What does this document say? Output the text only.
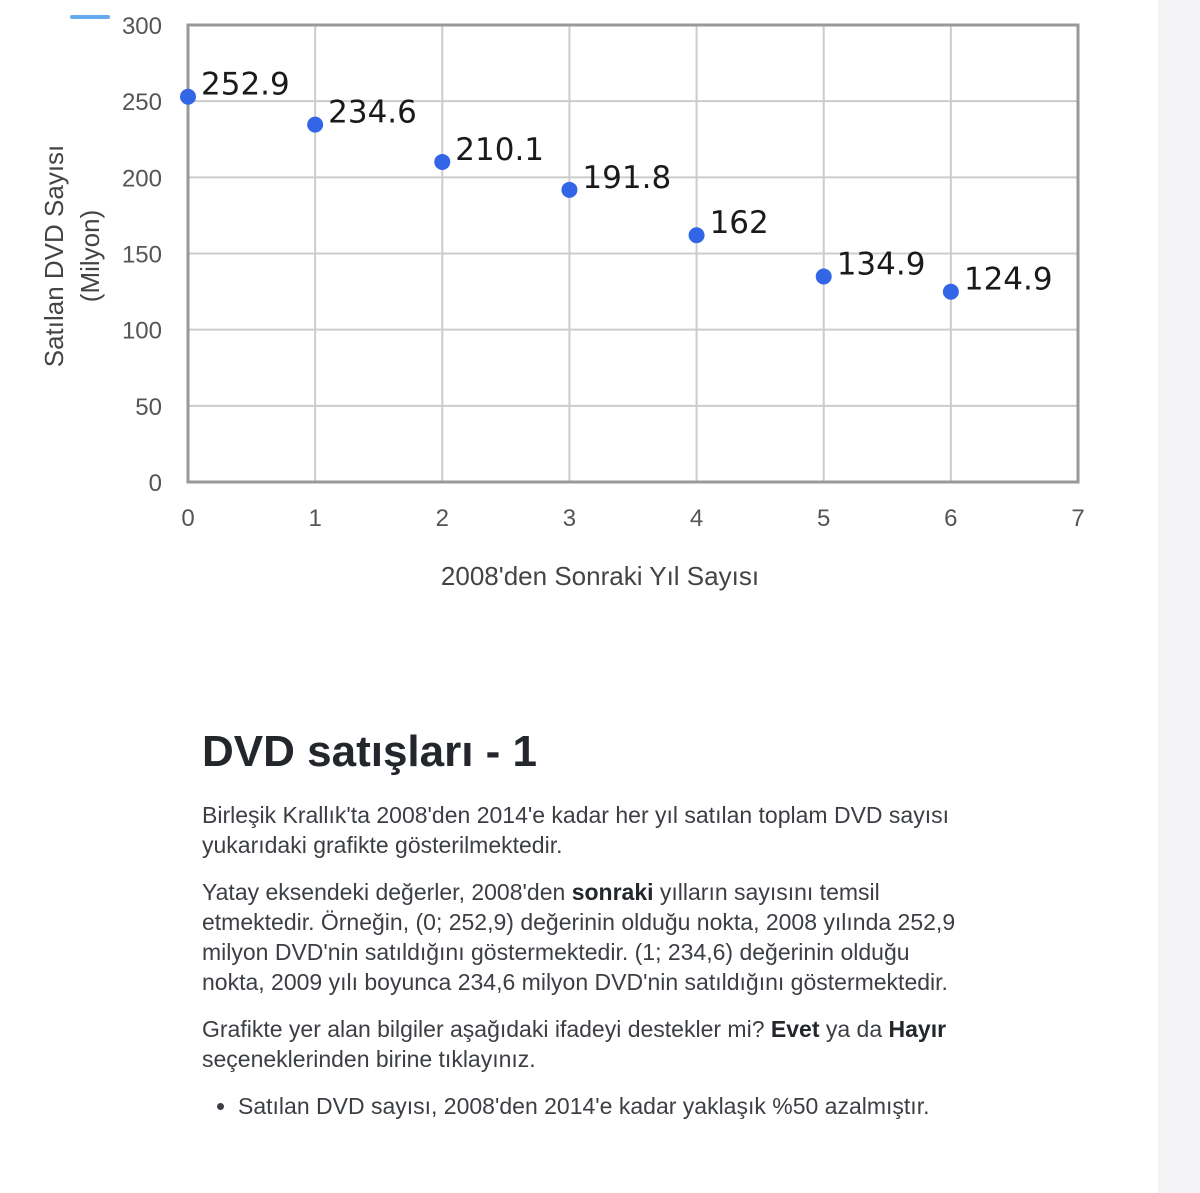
0
50
100
150
200
250
300
0	1	2	3	4	5	6	7
252.9
234.6
210.1
191.8
162
134.9 124.9
2008'den Sonraki Yıl Sayısı
Satılan DVD Sayısı (Milyon)
DVD satışları - 1

Birleşik Krallık'ta 2008'den 2014'e kadar her yıl satılan toplam DVD sayısı yukarıdaki grafikte gösterilmektedir.

Yatay eksendeki değerler, 2008'den sonraki yılların sayısını temsil etmektedir. Örneğin, (0; 252,9) değerinin olduğu nokta, 2008 yılında 252,9 milyon DVD'nin satıldığını göstermektedir. (1; 234,6) değerinin olduğu nokta, 2009 yılı boyunca 234,6 milyon DVD'nin satıldığını göstermektedir.

Grafikte yer alan bilgiler aşağıdaki ifadeyi destekler mi? Evet ya da Hayır seçeneklerinden birine tıklayınız.

• Satılan DVD sayısı, 2008'den 2014'e kadar yaklaşık %50 azalmıştır.
